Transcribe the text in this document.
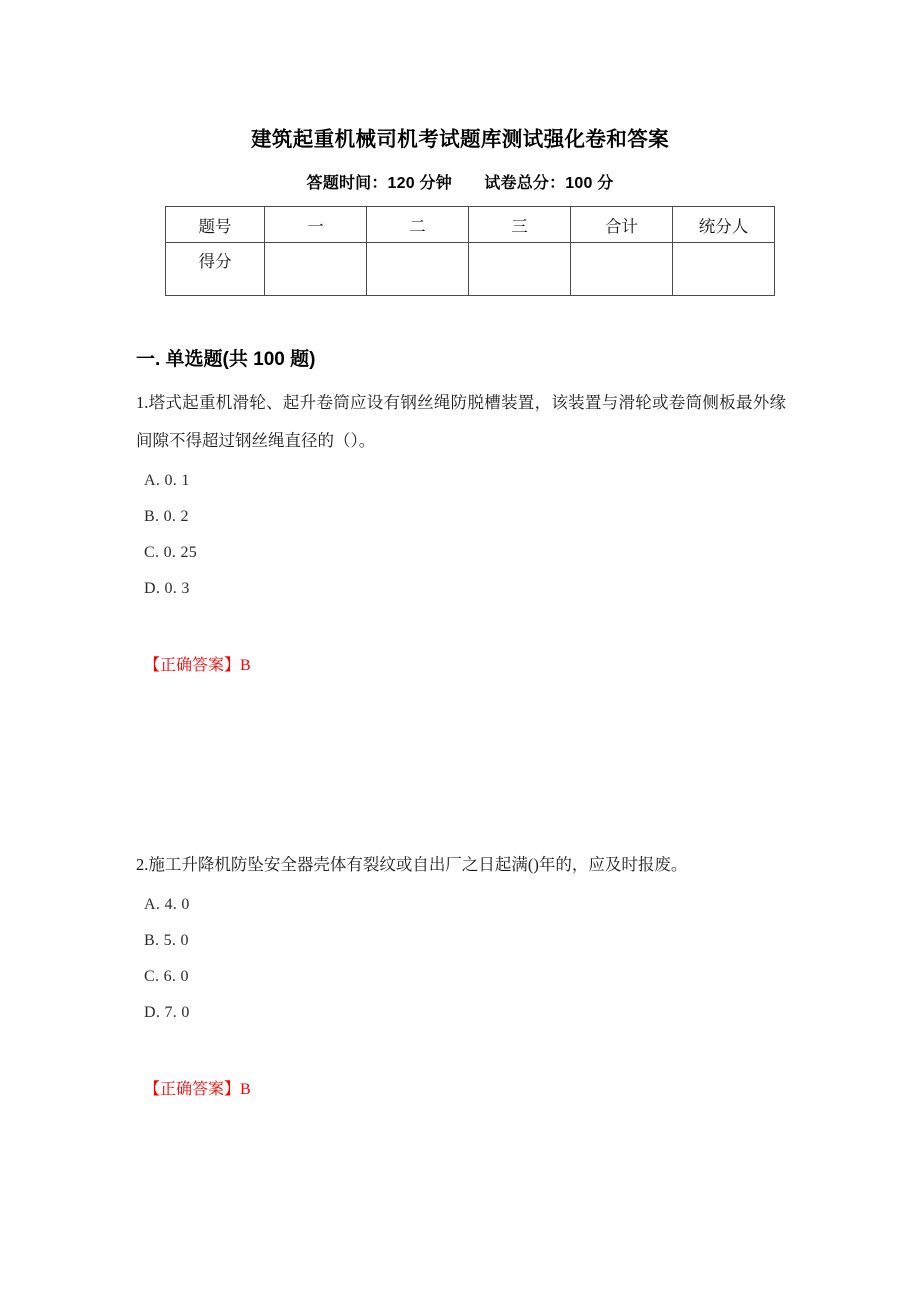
建筑起重机械司机考试题库测试强化卷和答案
答题时间：120 分钟　　试卷总分：100 分
题号	一	二	三	合计	统分人
得分					
一. 单选题(共 100 题)
1.塔式起重机滑轮、起升卷筒应设有钢丝绳防脱槽装置，该装置与滑轮或卷筒侧板最外缘间隙不得超过钢丝绳直径的（）。
A. 0. 1
B. 0. 2
C. 0. 25
D. 0. 3
【正确答案】B
2.施工升降机防坠安全器壳体有裂纹或自出厂之日起满()年的，应及时报废。
A. 4. 0
B. 5. 0
C. 6. 0
D. 7. 0
【正确答案】B
